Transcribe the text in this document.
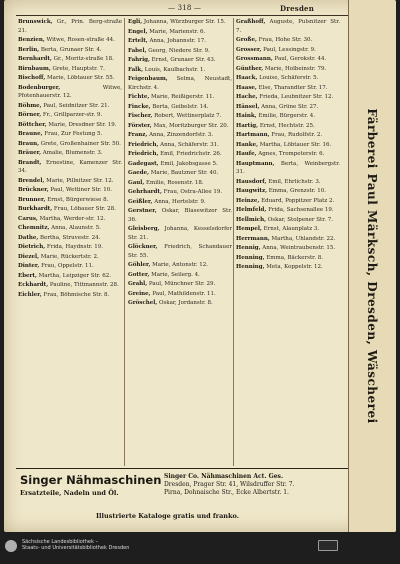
— 318 —	Dresden
Brunswick, Gr., Prin. Berg-straße 21.
Benzien, Witwe, Rosen-straße 44.
Berlin, Berta, Grunaer Str. 4.
Bernhardt, Gr., Moritz-straße 18.
Birnbaum, Grete, Hauptstr. 7.
Bischoff, Marie, Löbtauer Str. 55.
Bodenburger,	Witwe, Pfotenhauerstr. 12.
Böhme, Paul, Seidnitzer Str. 21.
Börner, Fr., Grillparzer-str. 9.
Böttcher, Marie, Dresdner Str. 19.
Braune, Frau, Zur Festung 5.
Braun, Grete, Großenhainer Str. 50.
Bräuer, Amalie, Blumenstr. 3.
Brandt, Ernestine, Kamenzer Str. 34.
Brendel, Marie, Pillnitzer Str. 12.
Brückner, Paul, Wettiner Str. 10.
Brunner, Ernst, Bürgerwiese 8.
Burkhardt, Frau, Löbauer Str. 28.
Carus, Martha, Werder-str. 12.
Chemnitz, Anna, Alaunstr. 5.
Dathe, Bertha, Struvestr. 24.
Dietrich, Frida, Haydnstr. 19.
Diezel, Marie, Rückertstr. 2.
Dinter, Frau, Oppelstr. 11.
Ebert, Martha, Leipziger Str. 62.
Eckhardt, Pauline, Tittmannstr. 28.
Eichler, Frau, Böhmische Str. 8.
Egli, Johanna, Würzburger Str. 15.
Engel, Marie, Marienstr. 6.
Ertelt, Anna, Johannstr. 17.
Fabel, Georg, Niedere Str. 9.
Fahrig, Ernst, Grunaer Str. 43.
Falk, Louis, Kaulbachstr. 1.
Feigenbaum, Selma, Neustadt, Kirchstr. 4.
Fichte, Marie, Reißigerstr. 11.
Fincke, Berta, Geibelstr. 14.
Fischer, Robert, Wettinerplatz 7.
Förster, Max, Moritzburger Str. 20.
Franz, Anna, Zinzendorfstr. 3.
Friedrich, Anna, Schäferstr. 31.
Friedrich, Emil, Friedrichstr. 26.
Gadegast, Emil, Jakobsgasse 5.
Gaede, Marie, Bautzner Str. 40.
Gaul, Emilie, Rosenstr. 18.
Gehrhardt, Frau, Ostra-Allee 19.
Geißler, Anna, Hertelstr. 9.
Gerstner, Oskar, Blasewitzer Str. 36.
Gleisberg, Johanna, Kesselsdorfer Str. 21.
Glöckner, Friedrich, Schandauer Str. 55.
Göhler, Marie, Antonstr. 12.
Gotter, Marie, Seilerg. 4.
Grahl, Paul, Münchner Str. 29.
Greine, Paul, Mathildenstr. 11.
Gröschel, Oskar, Jordanstr. 8.
Graßhoff, Auguste, Pulsnitzer Str. 7.
Große, Frau, Hohe Str. 30.
Grosser, Paul, Lessingstr. 9.
Grossmann, Paul, Gerokstr. 44.
Günther, Marie, Holbeinstr. 79.
Haack, Louise, Schäferstr. 5.
Haase, Else, Tharandter Str. 17.
Hache, Frieda, Leubnitzer Str. 12.
Hänsel, Anna, Grüne Str. 27.
Haink, Emilie, Bürgerstr. 4.
Hartig, Ernst, Hechtstr. 25.
Hartmann, Frau, Rudolfstr. 2.
Hanke, Martha, Löbtauer Str. 16.
Haufe, Agnes, Trompeterstr. 6.
Hauptmann, Berta, Weinbergstr. 31.
Hausdorf, Emil, Ehrlichstr. 3.
Haugwitz, Emma, Grenzstr. 10.
Heinze, Eduard, Poppitzer Platz 2.
Helmfeld, Frida, Sachsenallee 19.
Hellmich, Oskar, Stolpener Str. 7.
Hempel, Ernst, Alaunplatz 3.
Herrmann, Martha, Uhlandstr. 22.
Hennig, Anna, Weintraubenstr. 15.
Henning, Emma, Bäckerstr. 8.
Henning, Meta, Koppelstr. 12.	Färberei Paul Märksch, Dresden, Wäscherei
Singer Nähmaschinen
Ersatzteile, Nadeln und Öl.
Singer Co. Nähmaschinen Act. Ges.
Dresden, Prager Str. 41, Wilsdruffer Str. 7.
Pirna, Dohnaische Str., Ecke Albertstr. 1.
Illustrierte Kataloge gratis und franko.
Sächsische Landesbibliothek –
Staats- und Universitätsbibliothek Dresden
